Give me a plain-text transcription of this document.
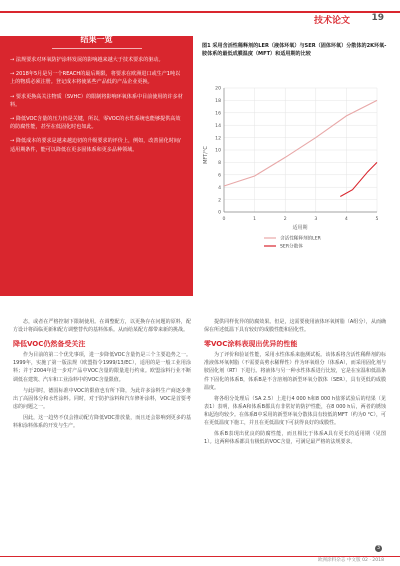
技术论文 19
结果一览
→ 法规要求对环氧防护涂料发展的影响越来越大于技术要求的驱动。
→ 2018年5月是另一个REACH的最后期限，将要求在欧洲进口或生产1吨以上的物质必须注册。登记成本将使某些产品低的产品企业更换。
→ 要求更换高关注物质（SVHC）的限制将影响环氧体系中目前使用的许多材料。
→ 降低VOC含量的压力仍是关键，所以，零VOC的水性系统也能够提供高效的防腐性能，甚至在低固化时也如此。
→ 降低成本的要求是越来越迫切的升级要求的评价上，例如，改善固化时间/适用期条件，能可以降低在更多固体系和更多品种领域。
图1 采用含活性稀释剂的LER（液体环氧）与SER（固体环氧）分散体的2K环氧-胺体系的最低成膜温度（MFT）和适用期的比较
0
2
4
6
8
10
12
14
16
18
20
0	1	2	3	4	5
MFT/°C
适用期
含活性稀释剂的LER
SER分散体

态，或者在严格控制下限制使用。在调整配方，以更换存在问题的原料，配方设计将面临更新和配方调整替代的基料体系。从而给某配方都带来新的挑战。

降低VOC仍然备受关注

作为目前的第二个优先事项，进一步降低VOC含量仍是三个主要趋势之一。1999年，实施了第一版法规（欧盟指令1999/13/EC），适用的是一般工业用涂料；并于2004年进一步对产品中VOC含量的限量进行约束。欧盟涂料行业不断调低在建筑、汽车和工业涂料中的VOC含量限值。

与此同时，德国标准中VOC的限值也有所下降，为此许多涂料生产商逐步推出了高固体分和水性涂料。同时，对于防护涂料和汽车修补涂料，VOC是首要考虑的问题之一。

因此，这一趋势不仅会推动配方降低VOC排放量，而且还会影响到更多的基料和涂料体系的开发与生产。

提供同样优异的防腐效果。但是，这需要使用液体环氧树脂（A组分），从而确保在所述低温下具有较好的成膜性能和固化性。

零VOC涂料表现出优异的性能

为了评价和验证性能，采用水性体系来施测试板。该体系将含活性稀释剂的标准液体环氧树脂（不需要高剪水稀释性）作为环氧组分（体系A），而采用固化剂与胺固化剂（RT）下进行。将液体与另一种水性体系进行比较，它是在室温和低温条件下固化的体系B，体系B是不含溶剂的新型环氧分散体（SER），具有更低的成膜温度。

将各组分处理后（SA 2.5）上进行4 000 h和8 000 h盐雾试验后的结果（见表1）表明，体系A和体系B都具有非常好的防护性能，在8 000 h后，两者的锈蚀和起泡均较少。在体系B中采用的新型环氧分散体具有较低的MFT（约为0 °C），可在更低温度下施工，并且在更低温度下可获得良好的成膜性。

体系B表现出优良的防腐性能，而且相比于体系A具有更长的适用期（见图1）。这两种体系都具有极低的VOC含量，可满足最严格的法规要求。

3
欧洲涂料杂志 中文版 02 · 2018
